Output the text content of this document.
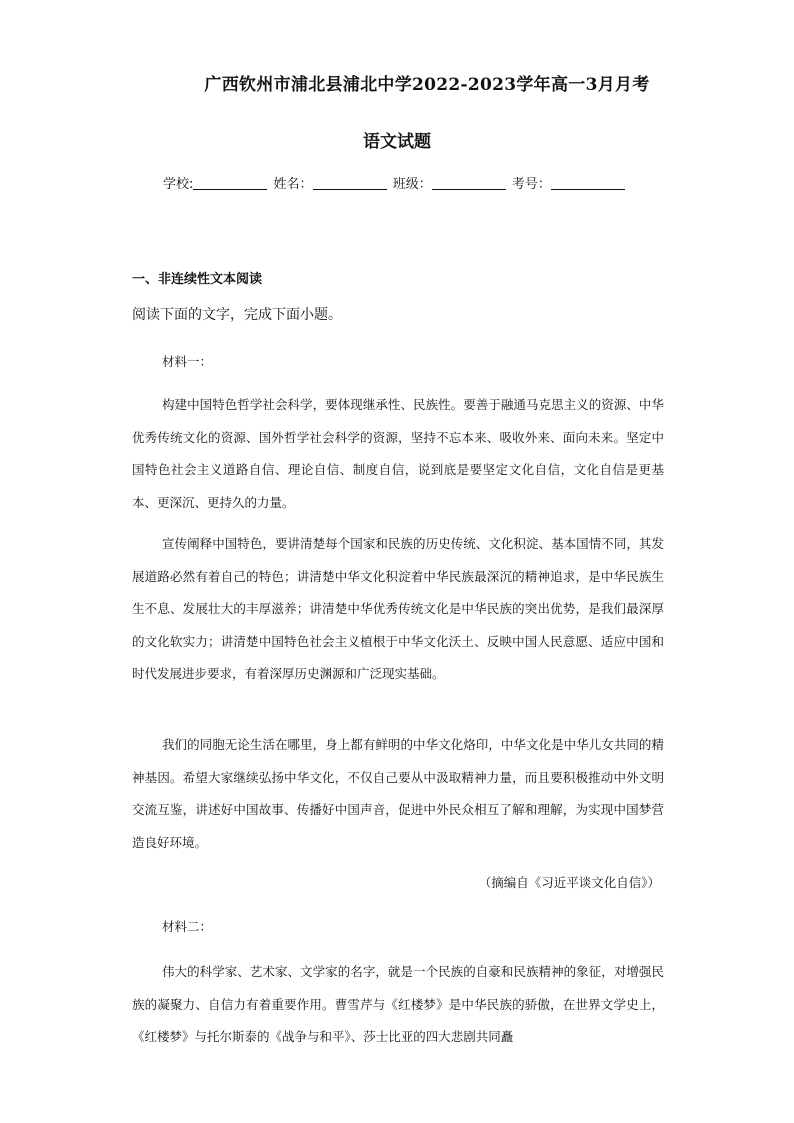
广西钦州市浦北县浦北中学2022-2023学年高一3月月考
语文试题
学校:	姓名：	班级：	考号：
一、非连续性文本阅读
阅读下面的文字，完成下面小题。
材料一：

构建中国特色哲学社会科学，要体现继承性、民族性。要善于融通马克思主义的资源、中华优秀传统文化的资源、国外哲学社会科学的资源，坚持不忘本来、吸收外来、面向未来。坚定中国特色社会主义道路自信、理论自信、制度自信，说到底是要坚定文化自信，文化自信是更基本、更深沉、更持久的力量。

宣传阐释中国特色，要讲清楚每个国家和民族的历史传统、文化积淀、基本国情不同，其发展道路必然有着自己的特色；讲清楚中华文化积淀着中华民族最深沉的精神追求，是中华民族生生不息、发展壮大的丰厚滋养；讲清楚中华优秀传统文化是中华民族的突出优势，是我们最深厚的文化软实力；讲清楚中国特色社会主义植根于中华文化沃土、反映中国人民意愿、适应中国和时代发展进步要求，有着深厚历史渊源和广泛现实基础。

我们的同胞无论生活在哪里，身上都有鲜明的中华文化烙印，中华文化是中华儿女共同的精神基因。希望大家继续弘扬中华文化，不仅自己要从中汲取精神力量，而且要积极推动中外文明交流互鉴，讲述好中国故事、传播好中国声音，促进中外民众相互了解和理解，为实现中国梦营造良好环境。

（摘编自《习近平谈文化自信》）
材料二：

伟大的科学家、艺术家、文学家的名字，就是一个民族的自豪和民族精神的象征，对增强民族的凝聚力、自信力有着重要作用。曹雪芹与《红楼梦》是中华民族的骄傲，在世界文学史上，《红楼梦》与托尔斯泰的《战争与和平》、莎士比亚的四大悲剧共同矗
